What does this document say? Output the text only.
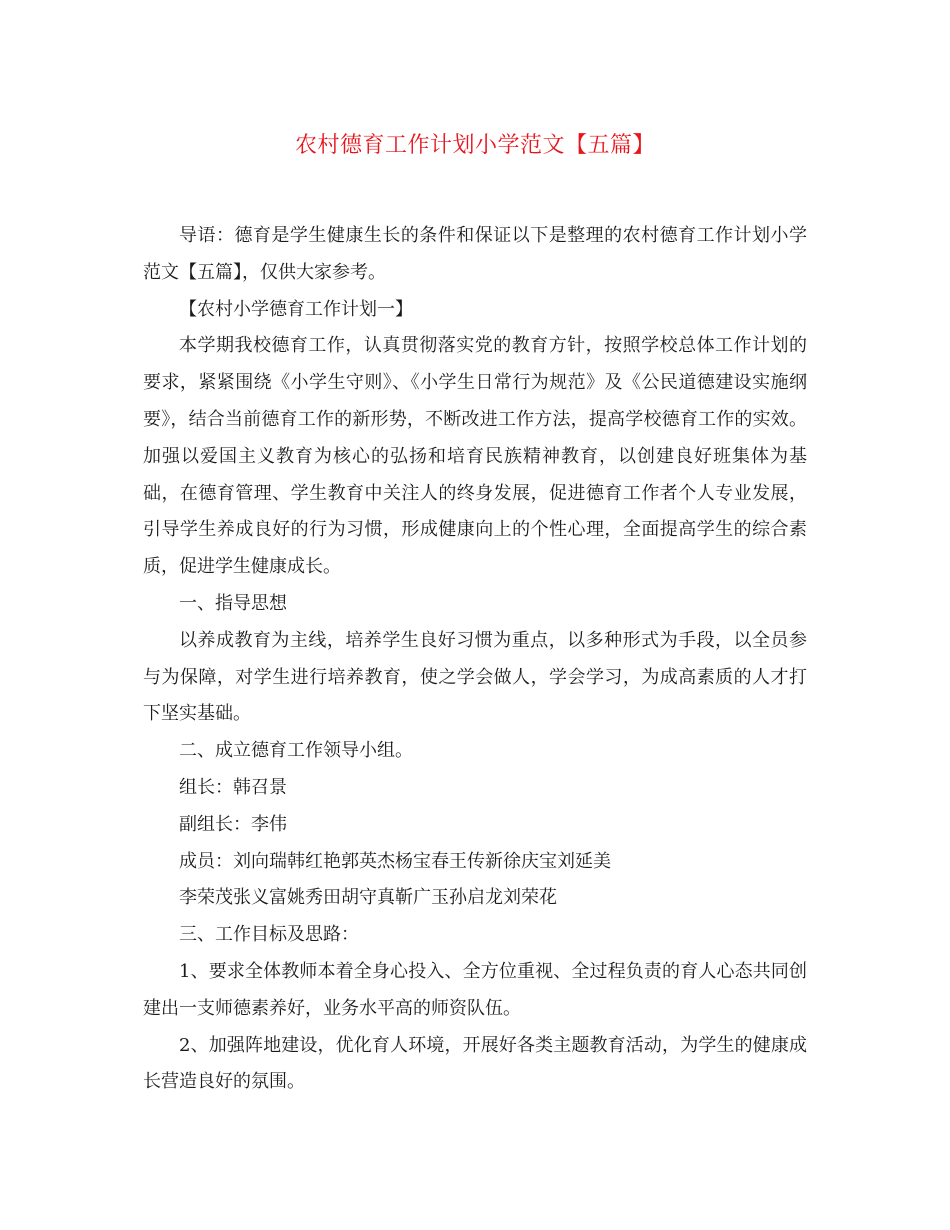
农村德育工作计划小学范文【五篇】

导语：德育是学生健康生长的条件和保证以下是整理的农村德育工作计划小学范文【五篇】，仅供大家参考。

【农村小学德育工作计划一】

本学期我校德育工作，认真贯彻落实党的教育方针，按照学校总体工作计划的要求，紧紧围绕《小学生守则》、《小学生日常行为规范》及《公民道德建设实施纲要》，结合当前德育工作的新形势，不断改进工作方法，提高学校德育工作的实效。加强以爱国主义教育为核心的弘扬和培育民族精神教育，以创建良好班集体为基础，在德育管理、学生教育中关注人的终身发展，促进德育工作者个人专业发展，引导学生养成良好的行为习惯，形成健康向上的个性心理，全面提高学生的综合素质，促进学生健康成长。

一、指导思想

以养成教育为主线，培养学生良好习惯为重点，以多种形式为手段，以全员参与为保障，对学生进行培养教育，使之学会做人，学会学习，为成高素质的人才打下坚实基础。

二、成立德育工作领导小组。

组长：韩召景

副组长：李伟

成员：刘向瑞韩红艳郭英杰杨宝春王传新徐庆宝刘延美

李荣茂张义富姚秀田胡守真靳广玉孙启龙刘荣花

三、工作目标及思路：

1、要求全体教师本着全身心投入、全方位重视、全过程负责的育人心态共同创建出一支师德素养好，业务水平高的师资队伍。

2、加强阵地建设，优化育人环境，开展好各类主题教育活动，为学生的健康成长营造良好的氛围。
